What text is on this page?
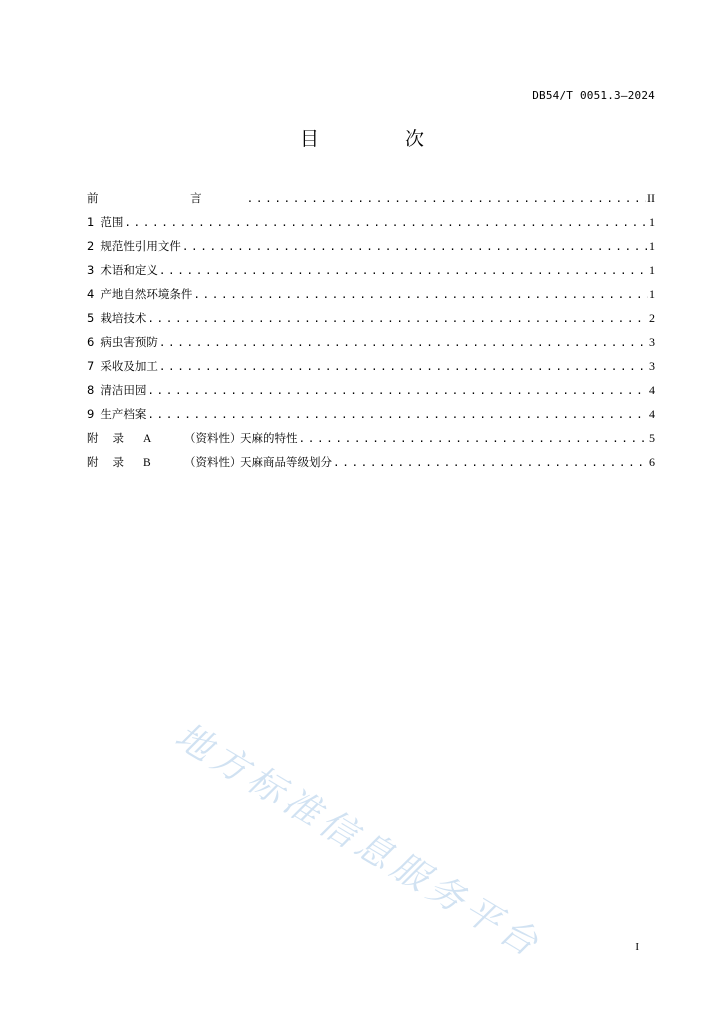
DB54/T 0051.3—2024
目 次
前 言 .....	II
1 范围 .....	1
2 规范性引用文件 .....	1
3 术语和定义 .....	1
4 产地自然环境条件 .....	1
5 栽培技术 .....	2
6 病虫害预防 .....	3
7 采收及加工 .....	3
8 清洁田园 .....	4
9 生产档案 .....	4
附录 A	（资料性）天麻的特性 .....	5
附录 B	（资料性）天麻商品等级划分 .....	6
地方标准信息服务平台	I
